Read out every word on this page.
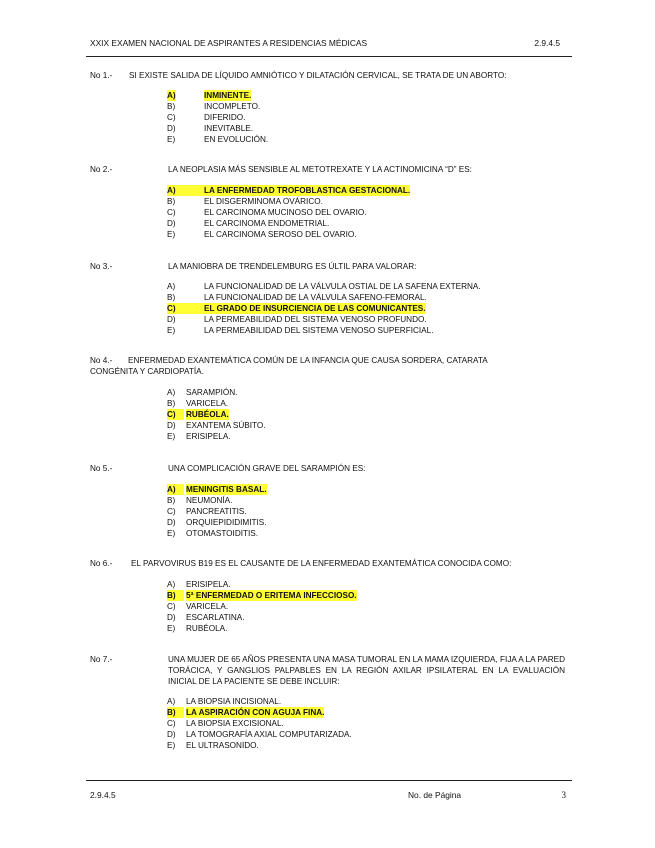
XXIX EXAMEN NACIONAL DE ASPIRANTES A RESIDENCIAS MÉDICAS	2.9.4.5
No 1.- SI EXISTE SALIDA DE LÍQUIDO AMNIÓTICO Y DILATACIÓN CERVICAL, SE TRATA DE UN ABORTO:
A)	INMINENTE.
B)	INCOMPLETO.
C)	DIFERIDO.
D)	INEVITABLE.
E)	EN EVOLUCIÓN.
No 2.-	LA NEOPLASIA MÁS SENSIBLE AL METOTREXATE Y LA ACTINOMICINA “D” ES:
A)	LA ENFERMEDAD TROFOBLASTICA GESTACIONAL.
B)	EL DISGERMINOMA OVÁRICO.
C)	EL CARCINOMA MUCINOSO DEL OVARIO.
D)	EL CARCINOMA ENDOMETRIAL.
E)	EL CARCINOMA SEROSO DEL OVARIO.
No 3.-	LA MANIOBRA DE TRENDELEMBURG ES ÚLTIL PARA VALORAR:
A)	LA FUNCIONALIDAD DE LA VÁLVULA OSTIAL DE LA SAFENA EXTERNA.
B)	LA FUNCIONALIDAD DE LA VÁLVULA SAFENO-FEMORAL.
C)	EL GRADO DE INSURCIENCIA DE LAS COMUNICANTES.
D)	LA PERMEABILIDAD DEL SISTEMA VENOSO PROFUNDO.
E)	LA PERMEABILIDAD DEL SISTEMA VENOSO SUPERFICIAL.
No 4.- ENFERMEDAD EXANTEMÁTICA COMÚN DE LA INFANCIA QUE CAUSA SORDERA, CATARATA
CONGÉNITA Y CARDIOPATÍA.
A) SARAMPIÓN.
B) VARICELA.
C)	RUBÉOLA.
D) EXANTEMA SÚBITO.
E) ERISIPELA.
No 5.-	UNA COMPLICACIÓN GRAVE DEL SARAMPIÓN ES:
A)	MENINGITIS BASAL.
B) NEUMONÍA.
C) PANCREATITIS.
D) ORQUIEPIDIDIMITIS.
E) OTOMASTOIDITIS.
No 6.- EL PARVOVIRUS B19 ES EL CAUSANTE DE LA ENFERMEDAD EXANTEMÁTICA CONOCIDA COMO:
A) ERISIPELA.
B)	5ª ENFERMEDAD O ERITEMA INFECCIOSO.
C) VARICELA.
D) ESCARLATINA.
E) RUBÉOLA.
No 7.-	UNA MUJER DE 65 AÑOS PRESENTA UNA MASA TUMORAL EN LA MAMA IZQUIERDA, FIJA A LA PARED TORÁCICA, Y GANGLIOS PALPABLES EN LA REGIÓN AXILAR IPSILATERAL EN LA EVALUACIÓN INICIAL DE LA PACIENTE SE DEBE INCLUIR:
A) LA BIOPSIA INCISIONAL.
B)	LA ASPIRACIÓN CON AGUJA FINA.
C) LA BIOPSIA EXCISIONAL.
D) LA TOMOGRAFÍA AXIAL COMPUTARIZADA.
E) EL ULTRASONIDO.
2.9.4.5	No. de Página	3
